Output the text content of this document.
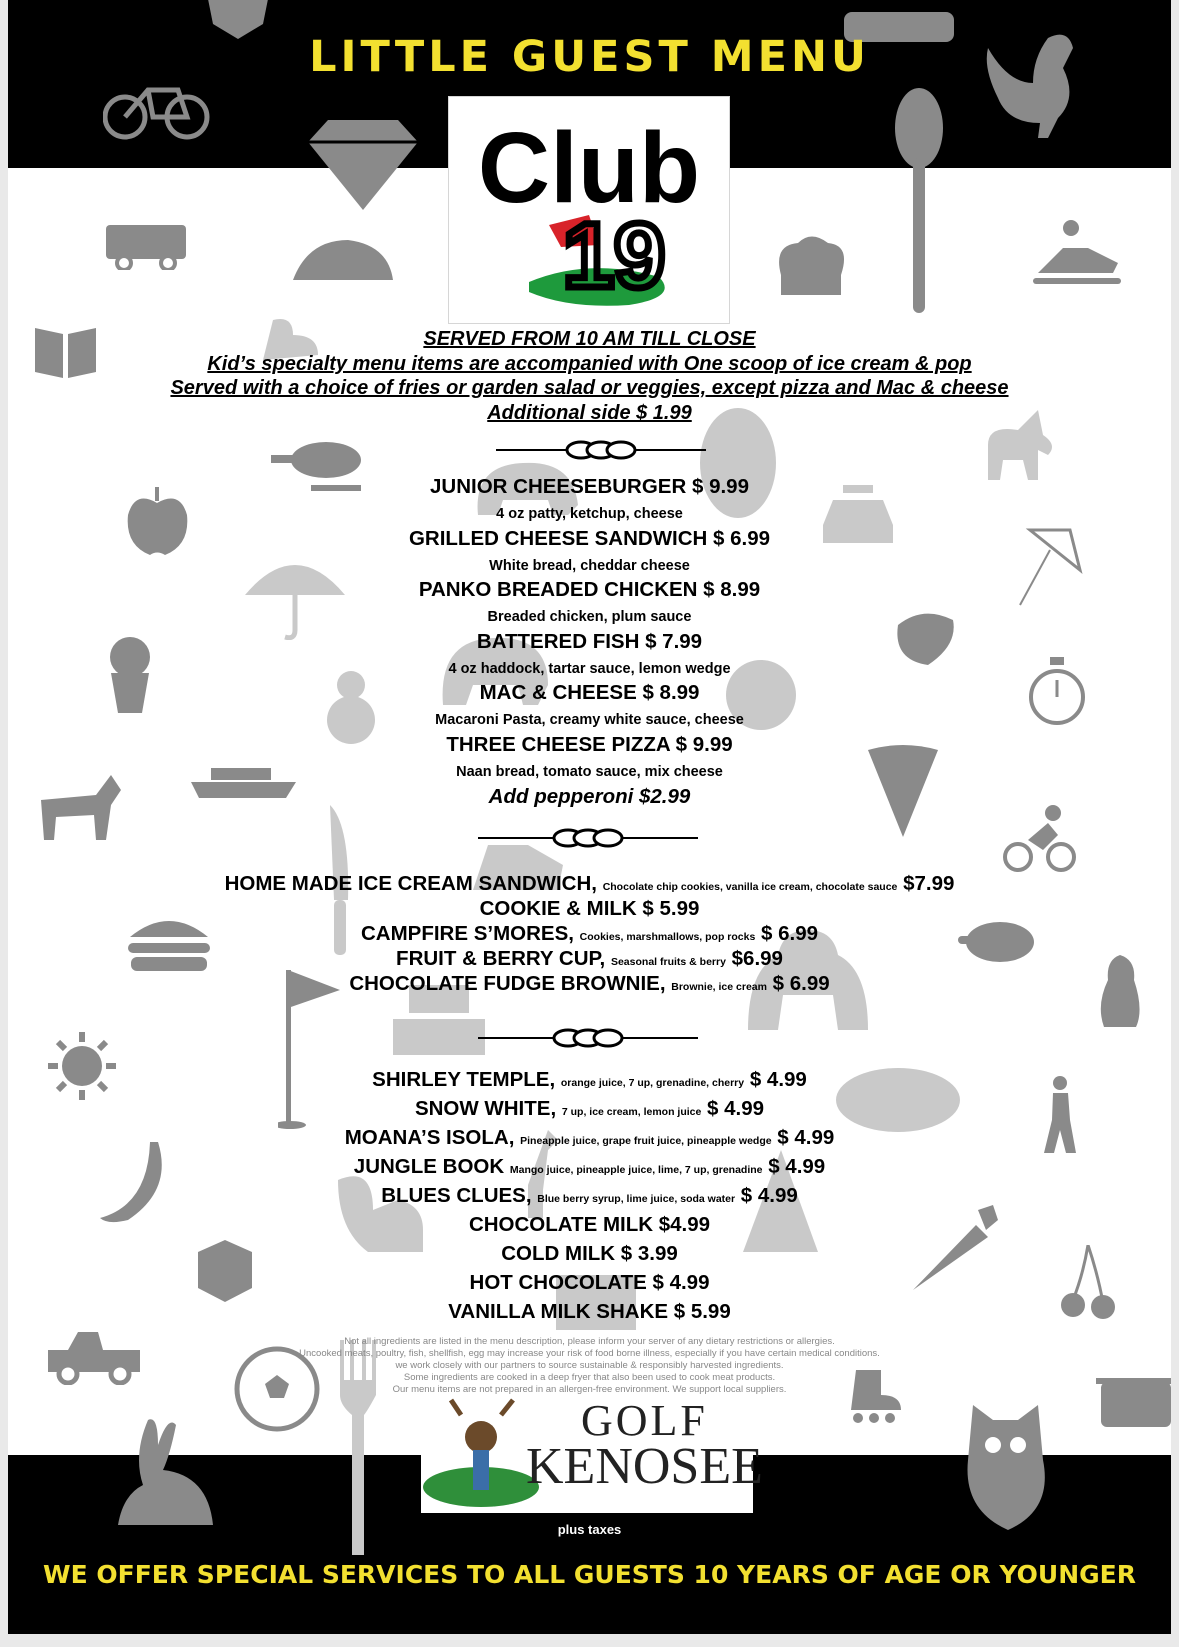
LITTLE GUEST MENU
Club
19
SERVED FROM 10 AM TILL CLOSE
Kid’s specialty menu items are accompanied with One scoop of ice cream & pop
Served with a choice of fries or garden salad or veggies, except pizza and Mac & cheese
Additional side $ 1.99
JUNIOR CHEESEBURGER $ 9.99
4 oz patty, ketchup, cheese
GRILLED CHEESE SANDWICH $ 6.99
White bread, cheddar cheese
PANKO BREADED CHICKEN $ 8.99
Breaded chicken, plum sauce
BATTERED FISH $ 7.99
4 oz haddock, tartar sauce, lemon wedge
MAC & CHEESE $ 8.99
Macaroni Pasta, creamy white sauce, cheese
THREE CHEESE PIZZA $ 9.99
Naan bread, tomato sauce, mix cheese
Add pepperoni $2.99
HOME MADE ICE CREAM SANDWICH, Chocolate chip cookies, vanilla ice cream, chocolate sauce $7.99
COOKIE & MILK $ 5.99
CAMPFIRE S’MORES, Cookies, marshmallows, pop rocks $ 6.99
FRUIT & BERRY CUP, Seasonal fruits & berry $6.99
CHOCOLATE FUDGE BROWNIE, Brownie, ice cream $ 6.99
SHIRLEY TEMPLE, orange juice, 7 up, grenadine, cherry $ 4.99
SNOW WHITE, 7 up, ice cream, lemon juice $ 4.99
MOANA’S ISOLA, Pineapple juice, grape fruit juice, pineapple wedge $ 4.99
JUNGLE BOOK Mango juice, pineapple juice, lime, 7 up, grenadine $ 4.99
BLUES CLUES, Blue berry syrup, lime juice, soda water $ 4.99
CHOCOLATE MILK $4.99
COLD MILK $ 3.99
HOT CHOCOLATE $ 4.99
VANILLA MILK SHAKE $ 5.99
Not all ingredients are listed in the menu description, please inform your server of any dietary restrictions or allergies.
Uncooked meats, poultry, fish, shellfish, egg may increase your risk of food borne illness, especially if you have certain medical conditions.
we work closely with our partners to source sustainable & responsibly harvested ingredients.
Some ingredients are cooked in a deep fryer that also been used to cook meat products.
Our menu items are not prepared in an allergen-free environment. We support local suppliers.
GOLF
KENOSEE
plus taxes
WE OFFER SPECIAL SERVICES TO ALL GUESTS 10 YEARS OF AGE OR YOUNGER
